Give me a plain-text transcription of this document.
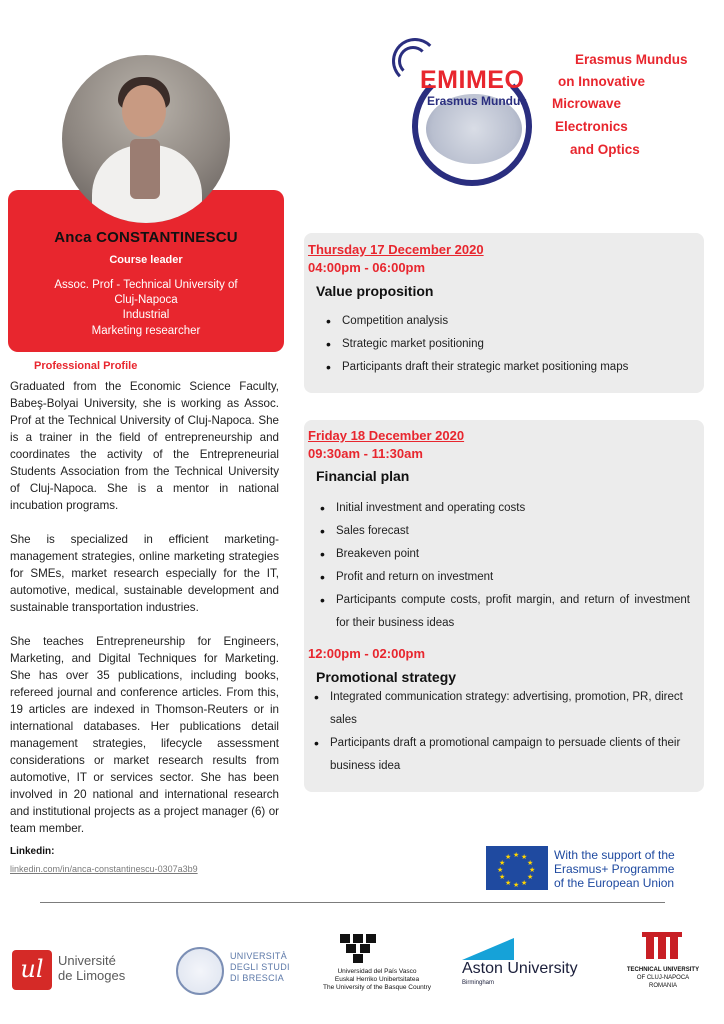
Anca CONSTANTINESCU
Course leader
Assoc. Prof - Technical University of
Cluj-Napoca
Industrial
Marketing researcher
Professional Profile

Graduated from the Economic Science Faculty, Babeş-Bolyai University, she is working as Assoc. Prof at the Technical University of Cluj-Napoca. She is a trainer in the field of entrepreneurship and coordinates the activity of the Entrepreneurial Students Association from the Technical University of Cluj-Napoca. She is a mentor in national incubation programs.

She is specialized in efficient marketing-management strategies, online marketing strategies for SMEs, market research especially for the IT, automotive, medical, sustainable development and sustainable transportation industries.

She teaches Entrepreneurship for Engineers, Marketing, and Digital Techniques for Marketing. She has over 35 publications, including books, refereed journal and conference articles. From this, 19 articles are indexed in Thomson-Reuters or in international databases. Her publications detail management strategies, lifecycle assessment considerations or market research results from automotive, IT or services sector. She has been involved in 20 national and international research and institutional projects as a project manager (6) or team member.

Linkedin:
linkedin.com/in/anca-constantinescu-0307a3b9
EMIMEO
Erasmus Mundus
Erasmus Mundus
on Innovative
Microwave
Electronics
and Optics
Thursday 17 December 2020
04:00pm - 06:00pm
Value proposition
• Competition analysis
• Strategic market positioning
• Participants draft their strategic market positioning maps
Friday 18 December 2020
09:30am - 11:30am
Financial plan
• Initial investment and operating costs
• Sales forecast
• Breakeven point
• Profit and return on investment
• Participants compute costs, profit margin, and return of investment for their business ideas
12:00pm - 02:00pm
Promotional strategy
• Integrated communication strategy: advertising, promotion, PR, direct sales
• Participants draft a promotional campaign to persuade clients of their business idea
★ ★
★
★
★
★
★
★
★
★
★
★	With the support of the
Erasmus+ Programme
of the European Union
ul	Université
de Limoges
UNIVERSITÀ
DEGLI STUDI
DI BRESCIA
Universidad del País Vasco
Euskal Herriko Unibertsitatea
The University of the Basque Country
Aston University
Birmingham
TECHNICAL UNIVERSITY
OF CLUJ-NAPOCA
ROMANIA
